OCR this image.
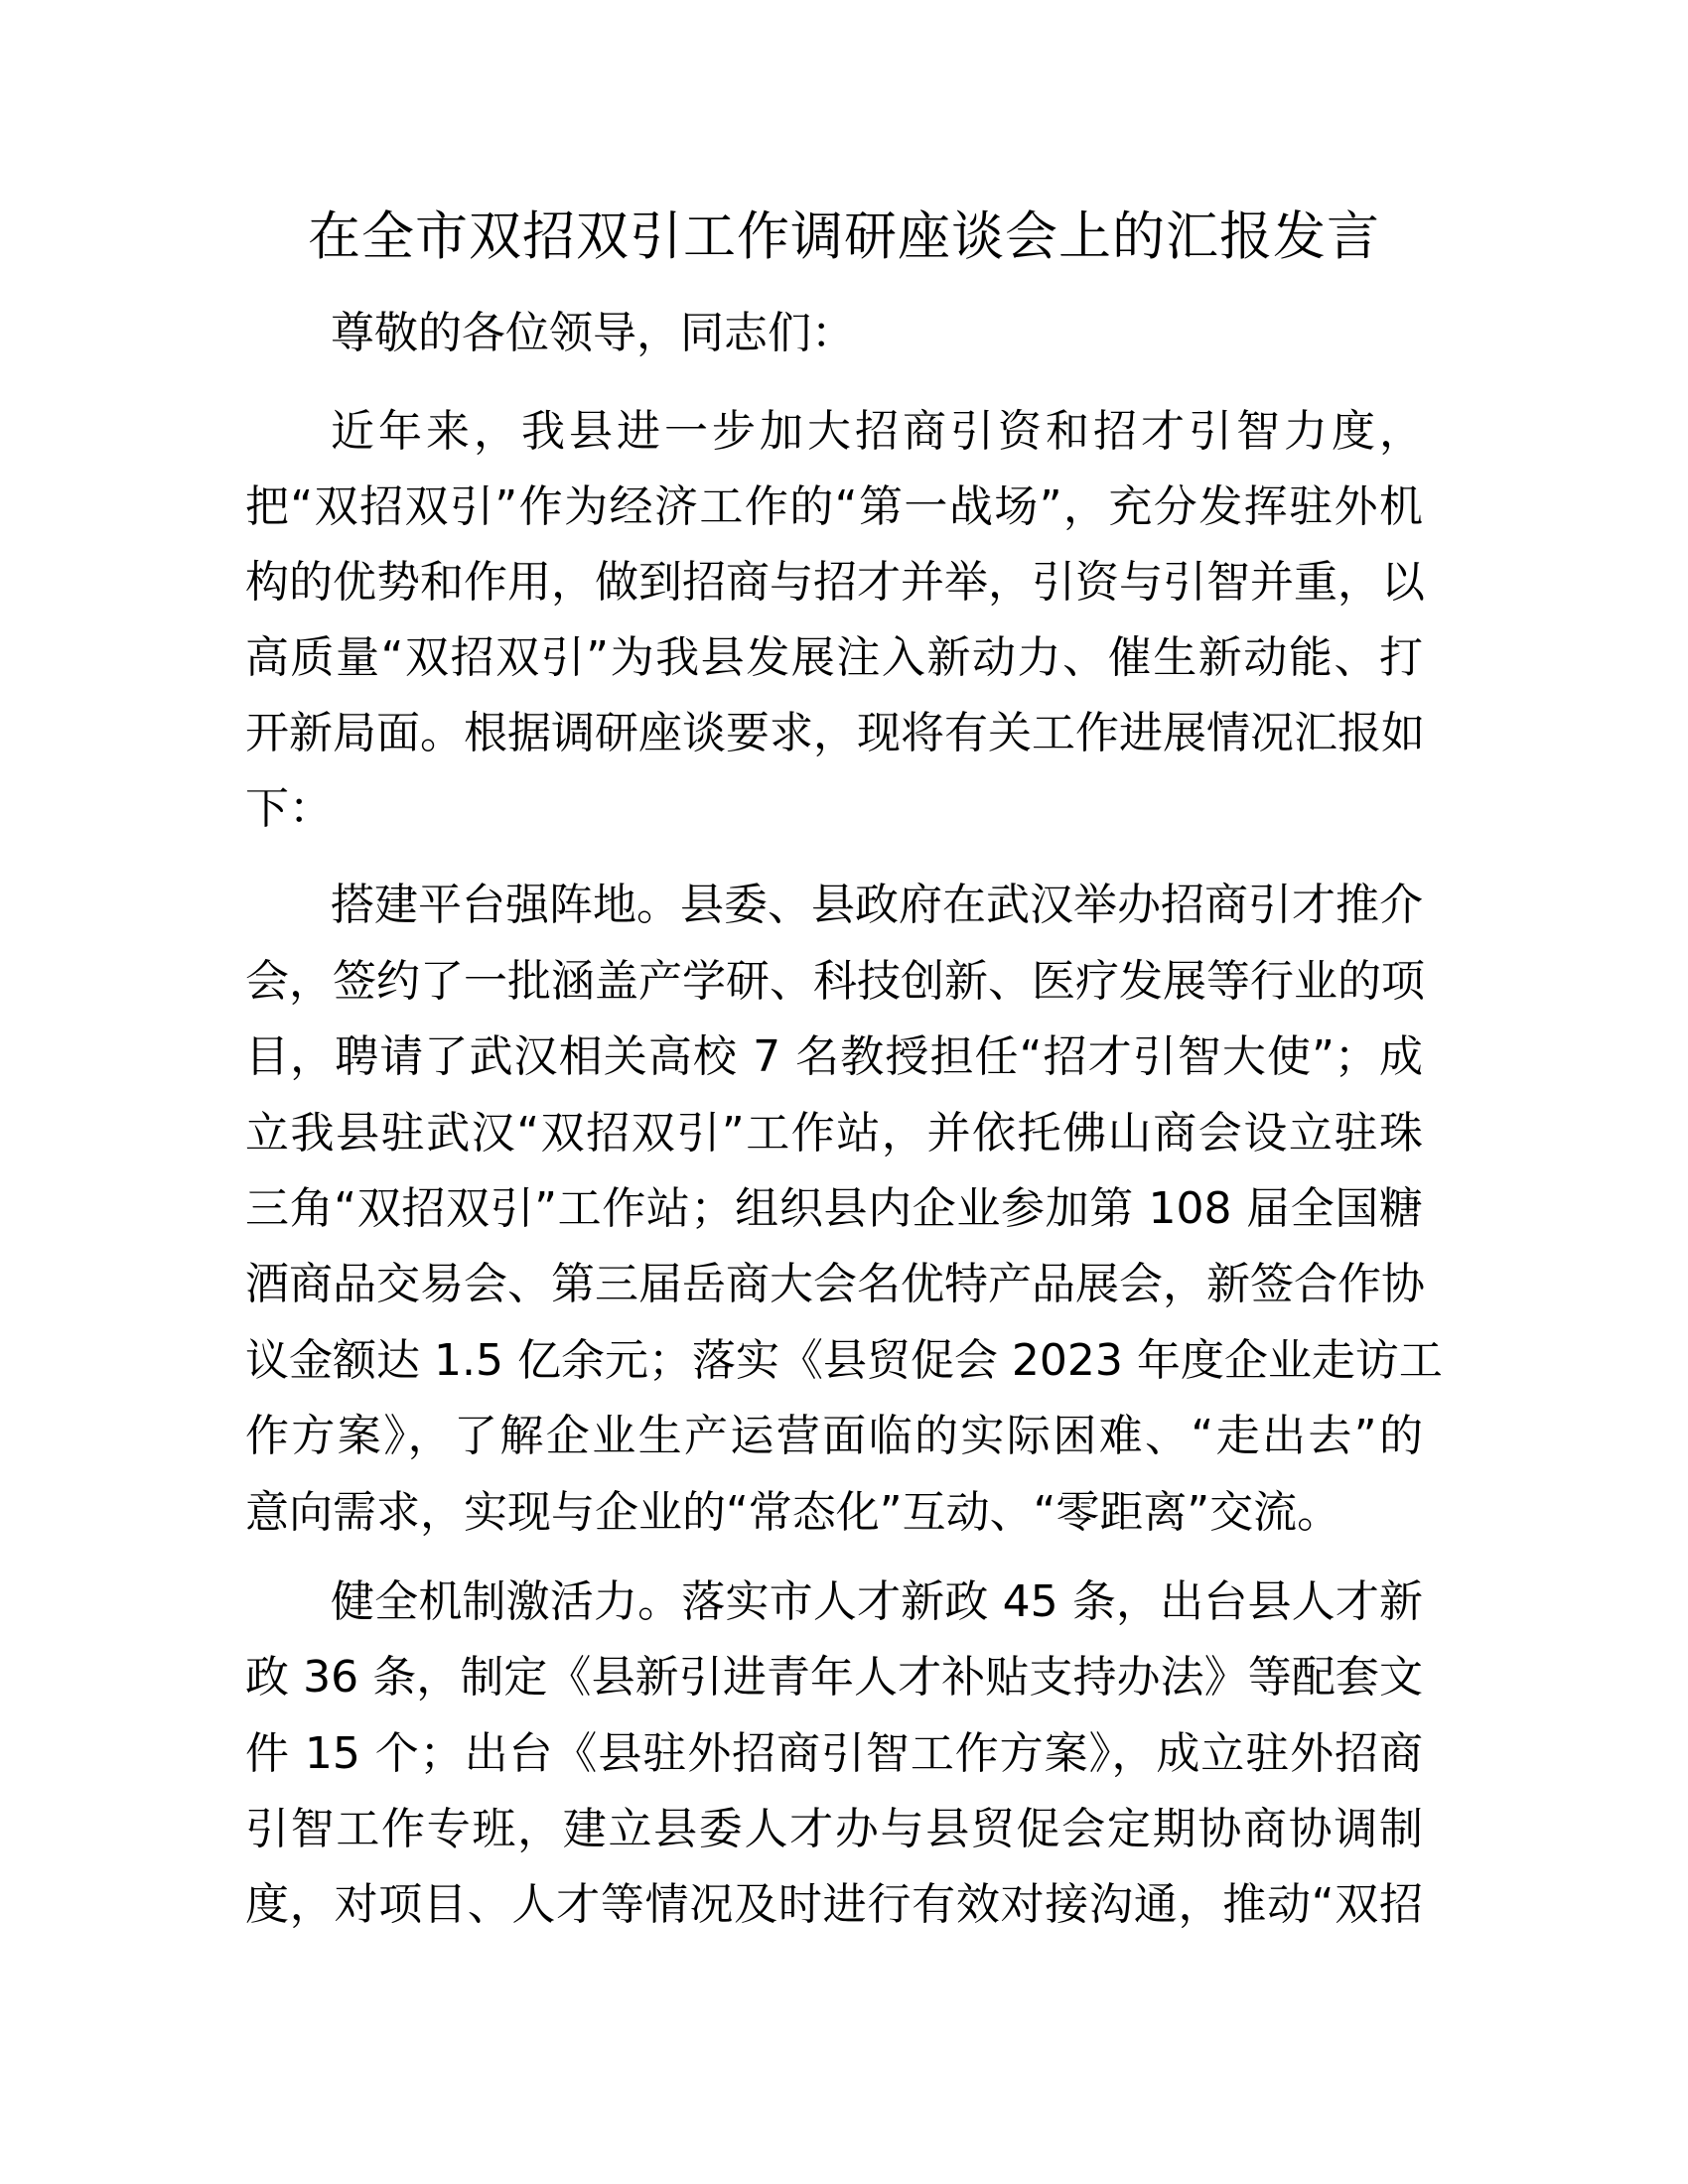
在全市双招双引工作调研座谈会上的汇报发言
尊敬的各位领导，同志们：
近年来，我县进一步加大招商引资和招才引智力度，
把“双招双引”作为经济工作的“第一战场”，充分发挥驻外机
构的优势和作用，做到招商与招才并举，引资与引智并重，以
高质量“双招双引”为我县发展注入新动力、催生新动能、打
开新局面。根据调研座谈要求，现将有关工作进展情况汇报如
下：
搭建平台强阵地。县委、县政府在武汉举办招商引才推介
会，签约了一批涵盖产学研、科技创新、医疗发展等行业的项
目，聘请了武汉相关高校 7 名教授担任“招才引智大使”；成
立我县驻武汉“双招双引”工作站，并依托佛山商会设立驻珠
三角“双招双引”工作站；组织县内企业参加第 108 届全国糖
酒商品交易会、第三届岳商大会名优特产品展会，新签合作协
议金额达 1.5 亿余元；落实《县贸促会 2023 年度企业走访工
作方案》，了解企业生产运营面临的实际困难、“走出去”的
意向需求，实现与企业的“常态化”互动、“零距离”交流。
健全机制激活力。落实市人才新政 45 条，出台县人才新
政 36 条，制定《县新引进青年人才补贴支持办法》等配套文
件 15 个；出台《县驻外招商引智工作方案》，成立驻外招商
引智工作专班，建立县委人才办与县贸促会定期协商协调制
度，对项目、人才等情况及时进行有效对接沟通，推动“双招
